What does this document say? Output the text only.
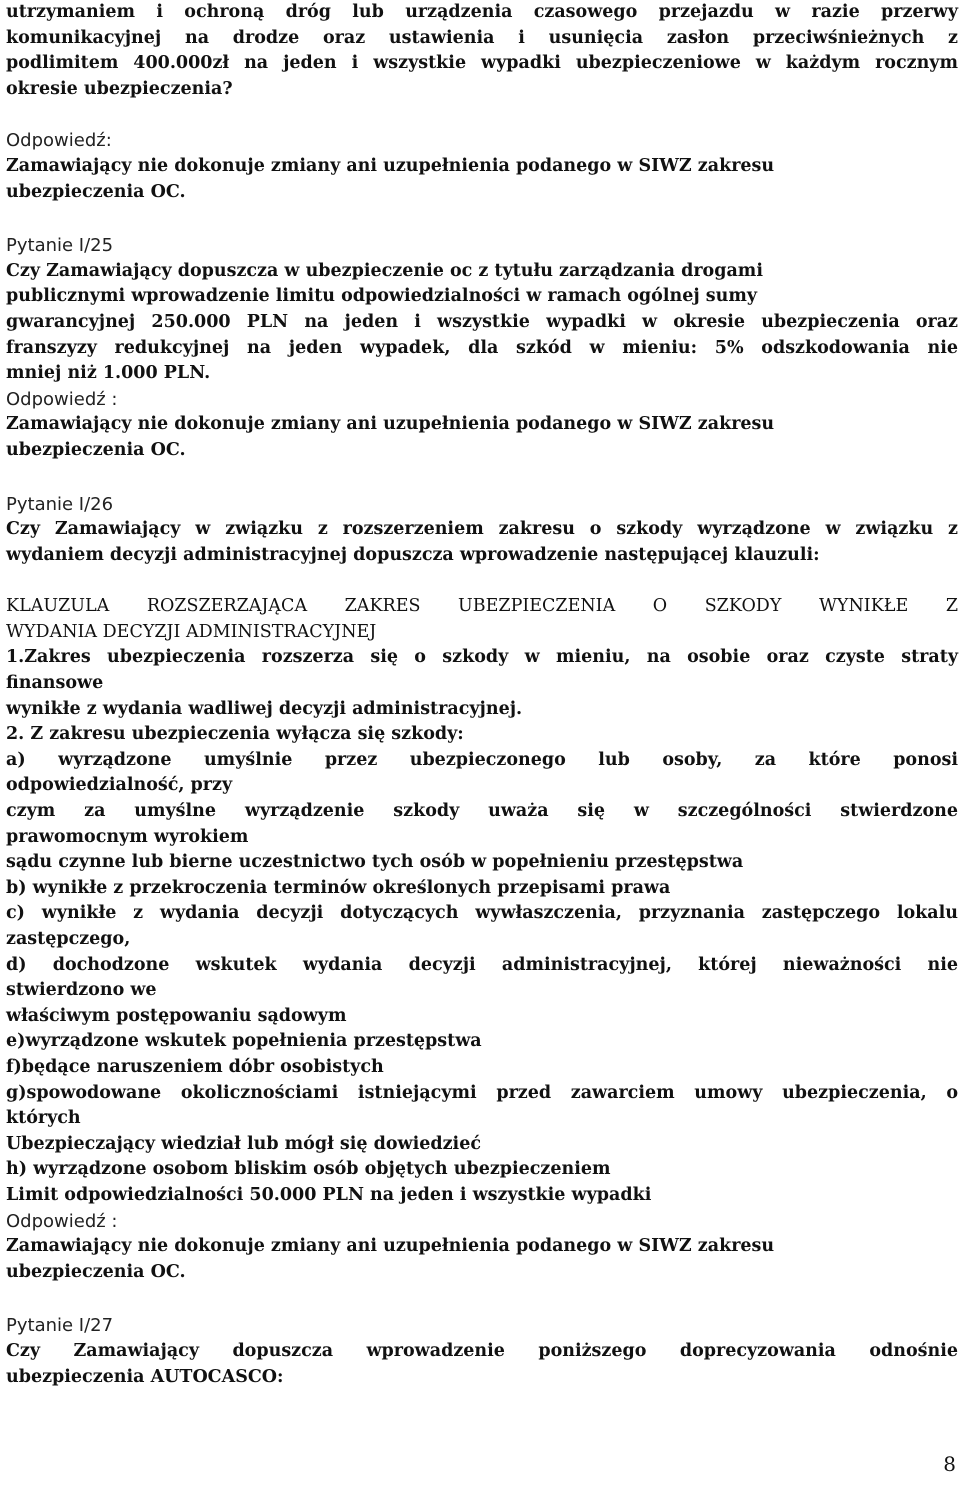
utrzymaniem i ochroną dróg lub urządzenia czasowego przejazdu w razie przerwy
komunikacyjnej na drodze oraz ustawienia i usunięcia zasłon przeciwśnieżnych z
podlimitem 400.000zł na jeden i wszystkie wypadki ubezpieczeniowe w każdym rocznym
okresie ubezpieczenia?
Odpowiedź:
Zamawiający nie dokonuje zmiany ani uzupełnienia podanego w SIWZ zakresu
ubezpieczenia OC.
Pytanie I/25
Czy Zamawiający dopuszcza w ubezpieczenie oc z tytułu zarządzania drogami
publicznymi wprowadzenie limitu odpowiedzialności w ramach ogólnej sumy
gwarancyjnej 250.000 PLN na jeden i wszystkie wypadki w okresie ubezpieczenia oraz
franszyzy redukcyjnej na jeden wypadek, dla szkód w mieniu: 5% odszkodowania nie
mniej niż 1.000 PLN.
Odpowiedź :
Zamawiający nie dokonuje zmiany ani uzupełnienia podanego w SIWZ zakresu
ubezpieczenia OC.
Pytanie I/26
Czy Zamawiający w związku z rozszerzeniem zakresu o szkody wyrządzone w związku z
wydaniem decyzji administracyjnej dopuszcza wprowadzenie następującej klauzuli:
KLAUZULA ROZSZERZAJĄCA ZAKRES UBEZPIECZENIA O SZKODY WYNIKŁE Z
WYDANIA DECYZJI ADMINISTRACYJNEJ
1.Zakres ubezpieczenia rozszerza się o szkody w mieniu, na osobie oraz czyste straty
finansowe
wynikłe z wydania wadliwej decyzji administracyjnej.
2. Z zakresu ubezpieczenia wyłącza się szkody:
a) wyrządzone umyślnie przez ubezpieczonego lub osoby, za które ponosi
odpowiedzialność, przy
czym za umyślne wyrządzenie szkody uważa się w szczególności stwierdzone
prawomocnym wyrokiem
sądu czynne lub bierne uczestnictwo tych osób w popełnieniu przestępstwa
b) wynikłe z przekroczenia terminów określonych przepisami prawa
c) wynikłe z wydania decyzji dotyczących wywłaszczenia, przyznania zastępczego lokalu
zastępczego,
d) dochodzone wskutek wydania decyzji administracyjnej, której nieważności nie
stwierdzono we
właściwym postępowaniu sądowym
e)wyrządzone wskutek popełnienia przestępstwa
f)będące naruszeniem dóbr osobistych
g)spowodowane okolicznościami istniejącymi przed zawarciem umowy ubezpieczenia, o
których
Ubezpieczający wiedział lub mógł się dowiedzieć
h) wyrządzone osobom bliskim osób objętych ubezpieczeniem
Limit odpowiedzialności 50.000 PLN na jeden i wszystkie wypadki
Odpowiedź :
Zamawiający nie dokonuje zmiany ani uzupełnienia podanego w SIWZ zakresu
ubezpieczenia OC.
Pytanie I/27
Czy Zamawiający dopuszcza wprowadzenie poniższego doprecyzowania odnośnie
ubezpieczenia AUTOCASCO:
8
